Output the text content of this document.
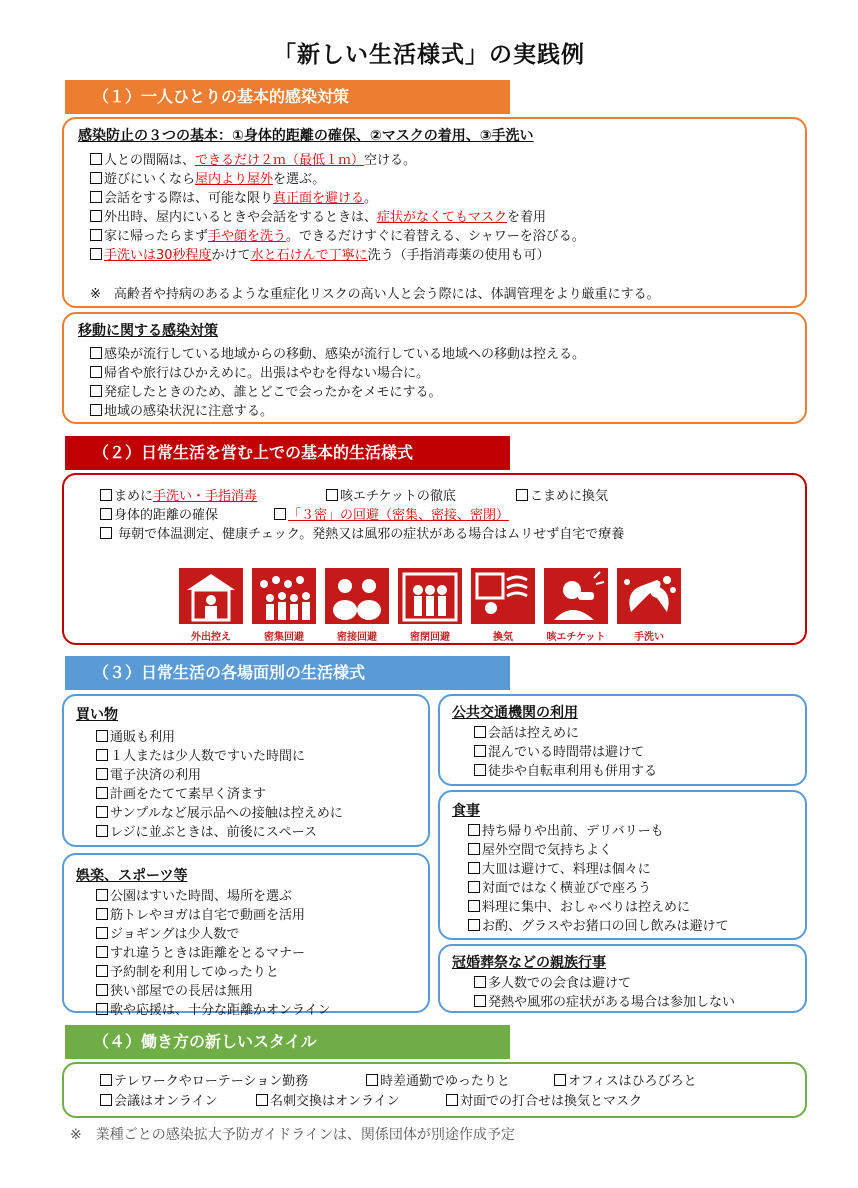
「新しい生活様式」の実践例
（１）一人ひとりの基本的感染対策
感染防止の３つの基本：①身体的距離の確保、②マスクの着用、③手洗い
人との間隔は、できるだけ２ｍ（最低１ｍ）空ける。
遊びにいくなら屋内より屋外を選ぶ。
会話をする際は、可能な限り真正面を避ける。
外出時、屋内にいるときや会話をするときは、症状がなくてもマスクを着用
家に帰ったらまず手や顔を洗う。できるだけすぐに着替える、シャワーを浴びる。
手洗いは30秒程度かけて水と石けんで丁寧に洗う（手指消毒薬の使用も可）
※　高齢者や持病のあるような重症化リスクの高い人と会う際には、体調管理をより厳重にする。
移動に関する感染対策
感染が流行している地域からの移動、感染が流行している地域への移動は控える。
帰省や旅行はひかえめに。出張はやむを得ない場合に。
発症したときのため、誰とどこで会ったかをメモにする。
地域の感染状況に注意する。
（２）日常生活を営む上での基本的生活様式
まめに手洗い・手指消毒	咳エチケットの徹底	こまめに換気
身体的距離の確保	「３密」の回避（密集、密接、密閉）
毎朝で体温測定、健康チェック。発熱又は風邪の症状がある場合はムリせず自宅で療養
外出控え	密集回避	密接回避	密閉回避	換気	咳エチケット	手洗い
（３）日常生活の各場面別の生活様式
買い物
通販も利用
１人または少人数ですいた時間に
電子決済の利用
計画をたてて素早く済ます
サンプルなど展示品への接触は控えめに
レジに並ぶときは、前後にスペース
娯楽、スポーツ等
公園はすいた時間、場所を選ぶ
筋トレやヨガは自宅で動画を活用
ジョギングは少人数で
すれ違うときは距離をとるマナー
予約制を利用してゆったりと
狭い部屋での長居は無用
歌や応援は、十分な距離かオンライン
公共交通機関の利用
会話は控えめに
混んでいる時間帯は避けて
徒歩や自転車利用も併用する
食事
持ち帰りや出前、デリバリーも
屋外空間で気持ちよく
大皿は避けて、料理は個々に
対面ではなく横並びで座ろう
料理に集中、おしゃべりは控えめに
お酌、グラスやお猪口の回し飲みは避けて
冠婚葬祭などの親族行事
多人数での会食は避けて
発熱や風邪の症状がある場合は参加しない
（４）働き方の新しいスタイル
テレワークやローテーション勤務	時差通勤でゆったりと	オフィスはひろびろと
会議はオンライン	名刺交換はオンライン	対面での打合せは換気とマスク
※　業種ごとの感染拡大予防ガイドラインは、関係団体が別途作成予定
